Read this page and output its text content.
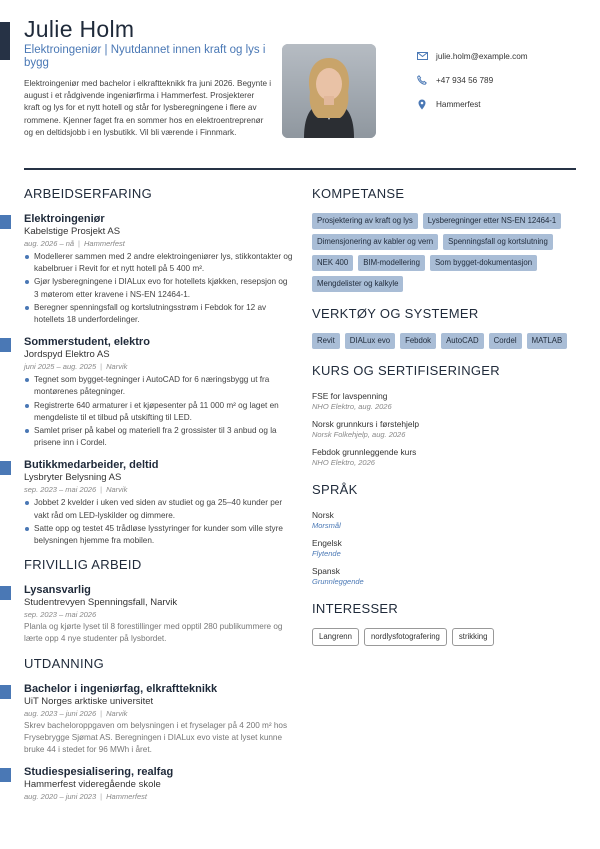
Julie Holm
Elektroingeniør | Nyutdannet innen kraft og lys i bygg
Elektroingeniør med bachelor i elkraftteknikk fra juni 2026. Begynte i august i et rådgivende ingeniørfirma i Hammerfest. Prosjekterer kraft og lys for et nytt hotell og står for lysberegningene i flere av rommene. Kjenner faget fra en sommer hos en elektroentreprenør og en deltidsjobb i en lysbutikk. Vil bli værende i Finnmark.
julie.holm@example.com
+47 934 56 789
Hammerfest
ARBEIDSERFARING
Elektroingeniør
Kabelstige Prosjekt AS
aug. 2026 – nå | Hammerfest
Modellerer sammen med 2 andre elektroingeniører lys, stikkontakter og kabelbruer i Revit for et nytt hotell på 5 400 m².
Gjør lysberegningene i DIALux evo for hotellets kjøkken, resepsjon og 3 møterom etter kravene i NS-EN 12464-1.
Beregner spenningsfall og kortslutningsstrøm i Febdok for 12 av hotellets 18 underfordelinger.
Sommerstudent, elektro
Jordspyd Elektro AS
juni 2025 – aug. 2025 | Narvik
Tegnet som bygget-tegninger i AutoCAD for 6 næringsbygg ut fra montørenes påtegninger.
Registrerte 640 armaturer i et kjøpesenter på 11 000 m² og laget en mengdeliste til et tilbud på utskifting til LED.
Samlet priser på kabel og materiell fra 2 grossister til 3 anbud og la prisene inn i Cordel.
Butikkmedarbeider, deltid
Lysbryter Belysning AS
sep. 2023 – mai 2026 | Narvik
Jobbet 2 kvelder i uken ved siden av studiet og ga 25–40 kunder per vakt råd om LED-lyskilder og dimmere.
Satte opp og testet 45 trådløse lysstyringer for kunder som ville styre belysningen hjemme fra mobilen.
FRIVILLIG ARBEID
Lysansvarlig
Studentrevyen Spenningsfall, Narvik
sep. 2023 – mai 2026
Planla og kjørte lyset til 8 forestillinger med opptil 280 publikummere og lærte opp 4 nye studenter på lysbordet.
UTDANNING
Bachelor i ingeniørfag, elkraftteknikk
UiT Norges arktiske universitet
aug. 2023 – juni 2026 | Narvik
Skrev bacheloroppgaven om belysningen i et fryselager på 4 200 m² hos Frysebrygge Sjømat AS. Beregningen i DIALux evo viste at lyset kunne bruke 44 i stedet for 96 MWh i året.
Studiespesialisering, realfag
Hammerfest videregående skole
aug. 2020 – juni 2023 | Hammerfest
KOMPETANSE
Prosjektering av kraft og lys	Lysberegninger etter NS-EN 12464-1
Dimensjonering av kabler og vern	Spenningsfall og kortslutning
NEK 400	BIM-modellering	Som bygget-dokumentasjon
Mengdelister og kalkyle
VERKTØY OG SYSTEMER
Revit	DIALux evo	Febdok	AutoCAD	Cordel	MATLAB
KURS OG SERTIFISERINGER
FSE for lavspenning
NHO Elektro, aug. 2026
Norsk grunnkurs i førstehjelp
Norsk Folkehjelp, aug. 2026
Febdok grunnleggende kurs
NHO Elektro, 2026
SPRÅK
Norsk
Morsmål
Engelsk
Flytende
Spansk
Grunnleggende
INTERESSER
Langrenn	nordlysfotografering	strikking
